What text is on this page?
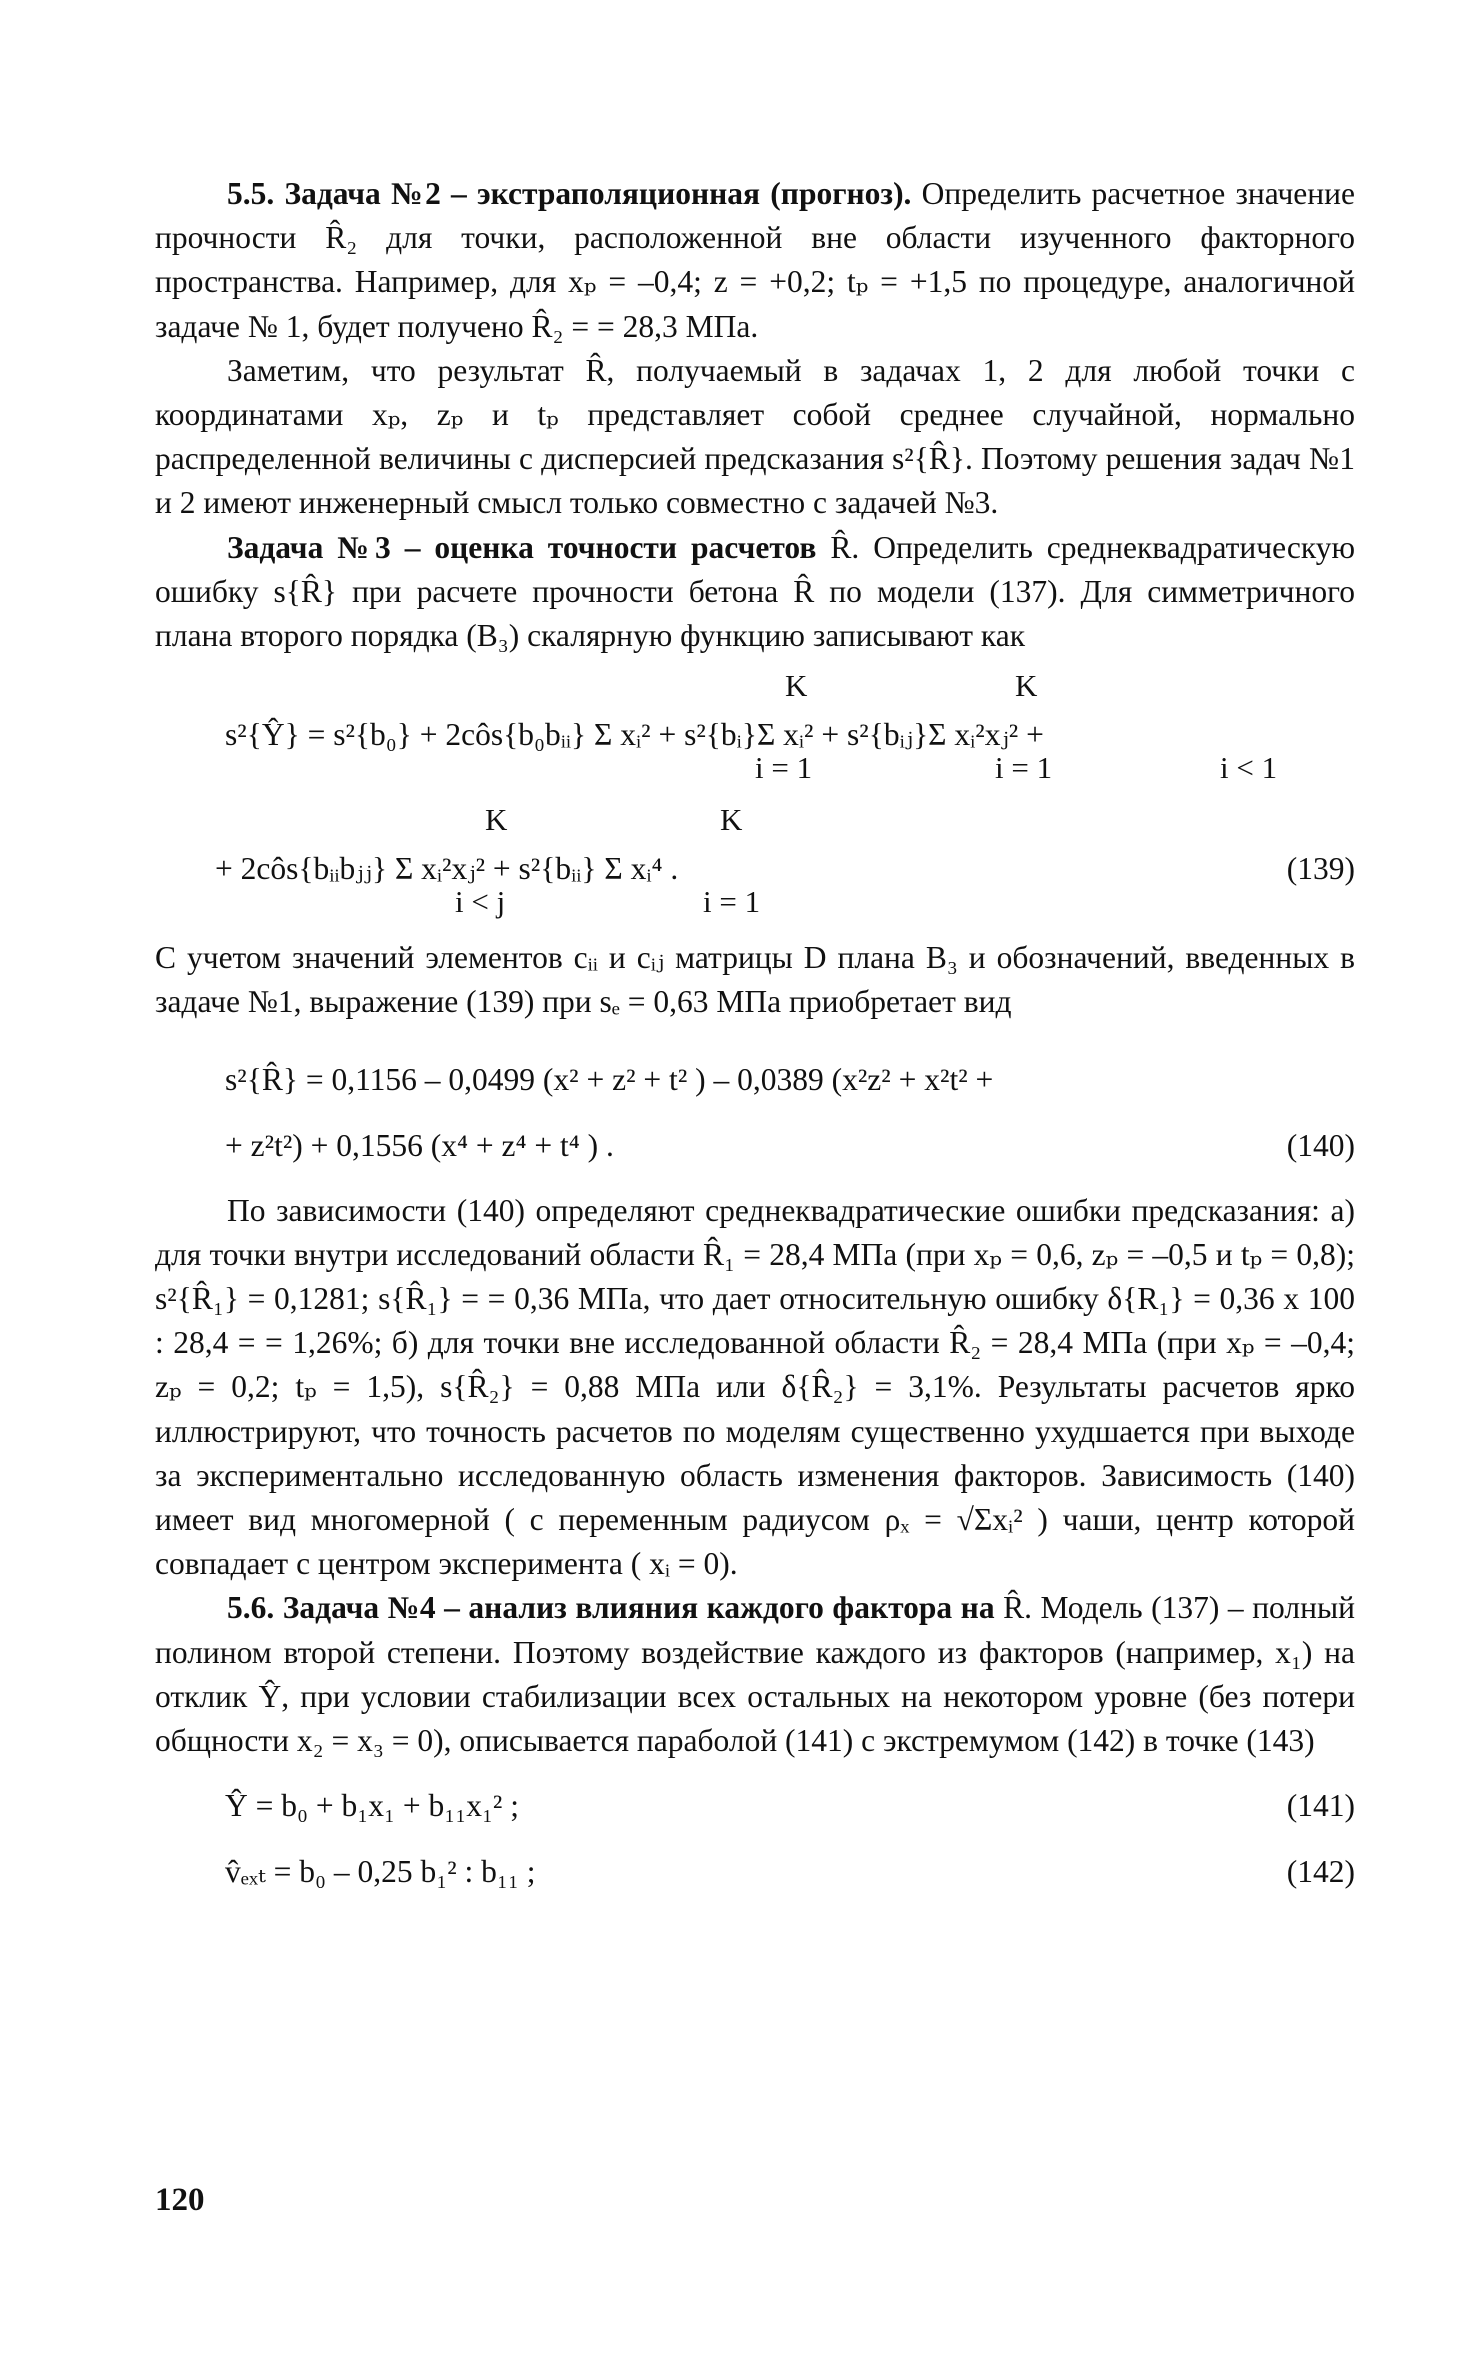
5.5. Задача №2 – экстраполяционная (прогноз). Определить расчетное значение прочности R̂₂ для точки, расположенной вне области изученного факторного пространства. Например, для xₚ = –0,4; z = +0,2; tₚ = +1,5 по процедуре, аналогичной задаче № 1, будет получено R̂₂ = = 28,3 МПа.

Заметим, что результат R̂, получаемый в задачах 1, 2 для любой точки с координатами xₚ, zₚ и tₚ представляет собой среднее случайной, нормально распределенной величины с дисперсией предсказания s²{R̂}. Поэтому решения задач №1 и 2 имеют инженерный смысл только совместно с задачей №3.

Задача №3 – оценка точности расчетов R̂. Определить среднеквадратическую ошибку s{R̂} при расчете прочности бетона R̂ по модели (137). Для симметричного плана второго порядка (B₃) скалярную функцию записывают как

K	K
s²{Ŷ} = s²{b₀} + 2côs{b₀bᵢᵢ} Σ xᵢ² + s²{bᵢ}Σ xᵢ² + s²{bᵢⱼ}Σ xᵢ²xⱼ² +
i = 1	i = 1	i < 1
K	K
+ 2côs{bᵢᵢbⱼⱼ} Σ xᵢ²xⱼ² + s²{bᵢᵢ} Σ xᵢ⁴ .	(139)
i < j	i = 1

С учетом значений элементов cᵢᵢ и cᵢⱼ матрицы D плана B₃ и обозначений, введенных в задаче №1, выражение (139) при sₑ = 0,63 МПа приобретает вид

s²{R̂} = 0,1156 – 0,0499 (x² + z² + t² ) – 0,0389 (x²z² + x²t² +
+ z²t²) + 0,1556 (x⁴ + z⁴ + t⁴ ) .	(140)

По зависимости (140) определяют среднеквадратические ошибки предсказания: а) для точки внутри исследований области R̂₁ = 28,4 МПа (при xₚ = 0,6, zₚ = –0,5 и tₚ = 0,8); s²{R̂₁} = 0,1281; s{R̂₁} = = 0,36 МПа, что дает относительную ошибку δ{R₁} = 0,36 x 100 : 28,4 = = 1,26%; б) для точки вне исследованной области R̂₂ = 28,4 МПа (при xₚ = –0,4; zₚ = 0,2; tₚ = 1,5), s{R̂₂} = 0,88 МПа или δ{R̂₂} = 3,1%. Результаты расчетов ярко иллюстрируют, что точность расчетов по моделям существенно ухудшается при выходе за экспериментально исследованную область изменения факторов. Зависимость (140) имеет вид многомерной ( с переменным радиусом ρₓ = √Σxᵢ² ) чаши, центр которой совпадает с центром эксперимента ( xᵢ = 0).

5.6. Задача №4 – анализ влияния каждого фактора на R̂. Модель (137) – полный полином второй степени. Поэтому воздействие каждого из факторов (например, x₁) на отклик Ŷ, при условии стабилизации всех остальных на некотором уровне (без потери общности x₂ = x₃ = 0), описывается параболой (141) с экстремумом (142) в точке (143)

Ŷ = b₀ + b₁x₁ + b₁₁x₁² ;	(141)
v̂ₑₓₜ = b₀ – 0,25 b₁² : b₁₁ ;	(142)
120
